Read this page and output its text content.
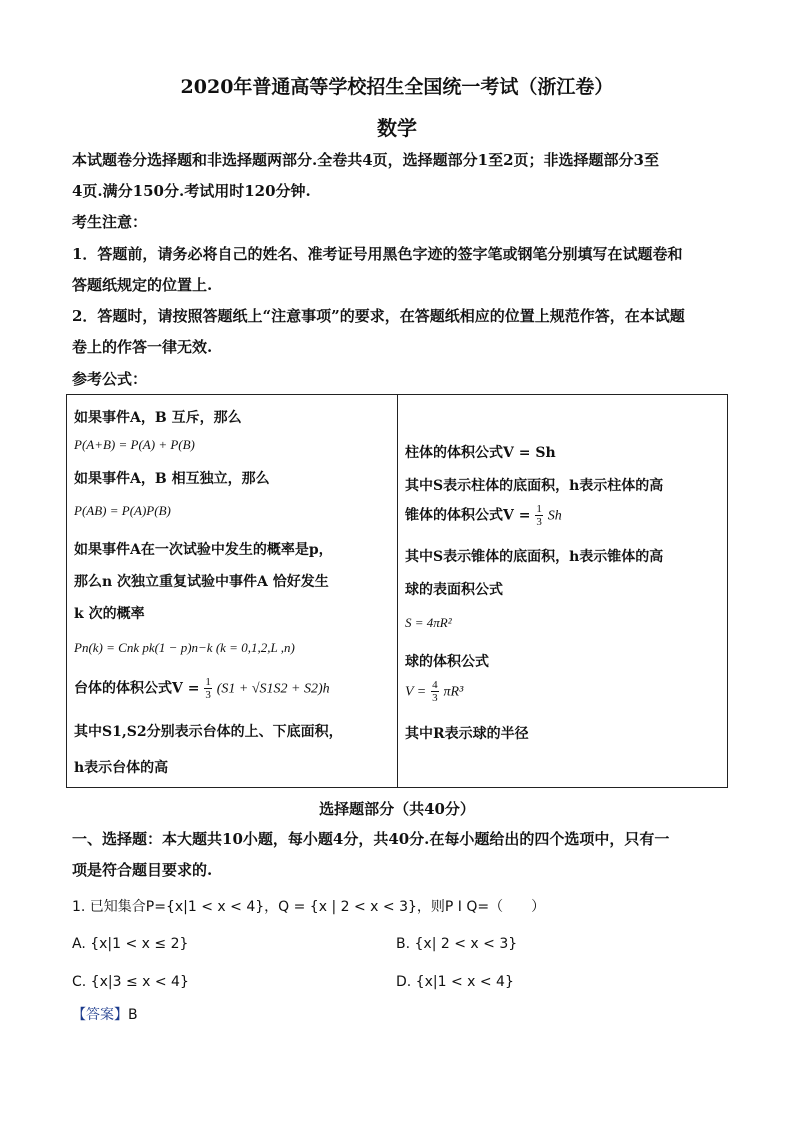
2020年普通高等学校招生全国统一考试（浙江卷）
数学
本试题卷分选择题和非选择题两部分.全卷共4页，选择题部分1至2页；非选择题部分3至
4页.满分150分.考试用时120分钟.
考生注意：
1．答题前，请务必将自己的姓名、准考证号用黑色字迹的签字笔或钢笔分别填写在试题卷和
答题纸规定的位置上.
2．答题时，请按照答题纸上“注意事项”的要求，在答题纸相应的位置上规范作答，在本试题
卷上的作答一律无效.
参考公式：
如果事件A，B 互斥，那么
P(A+B) = P(A) + P(B)
如果事件A，B 相互独立，那么
P(AB) = P(A)P(B)
如果事件A在一次试验中发生的概率是p，
那么n 次独立重复试验中事件A 恰好发生
k 次的概率
Pn(k) = Cnk pk(1 − p)n−k (k = 0,1,2,L ,n)
台体的体积公式$V = \frac{1}{3} (S1 + √S1S2 + S2)h$
其中S1,S2分别表示台体的上、下底面积，
h表示台体的高
柱体的体积公式V = Sh
其中S表示柱体的底面积，h表示柱体的高
锥体的体积公式$V = \frac{1}{3}$ Sh
其中S表示锥体的底面积，h表示锥体的高
球的表面积公式
S = 4πR²
球的体积公式
$V = \frac{4}{3} \pi R^3$
其中R表示球的半径
选择题部分（共40分）
一、选择题：本大题共10小题，每小题4分，共40分.在每小题给出的四个选项中，只有一
项是符合题目要求的.
1. 已知集合P={x|1 < x < 4}，Q = {x | 2 < x < 3}，则P I Q=（　　）
A. {x|1 < x ≤ 2}	B. {x| 2 < x < 3}
C. {x|3 ≤ x < 4}	D. {x|1 < x < 4}
【答案】B
